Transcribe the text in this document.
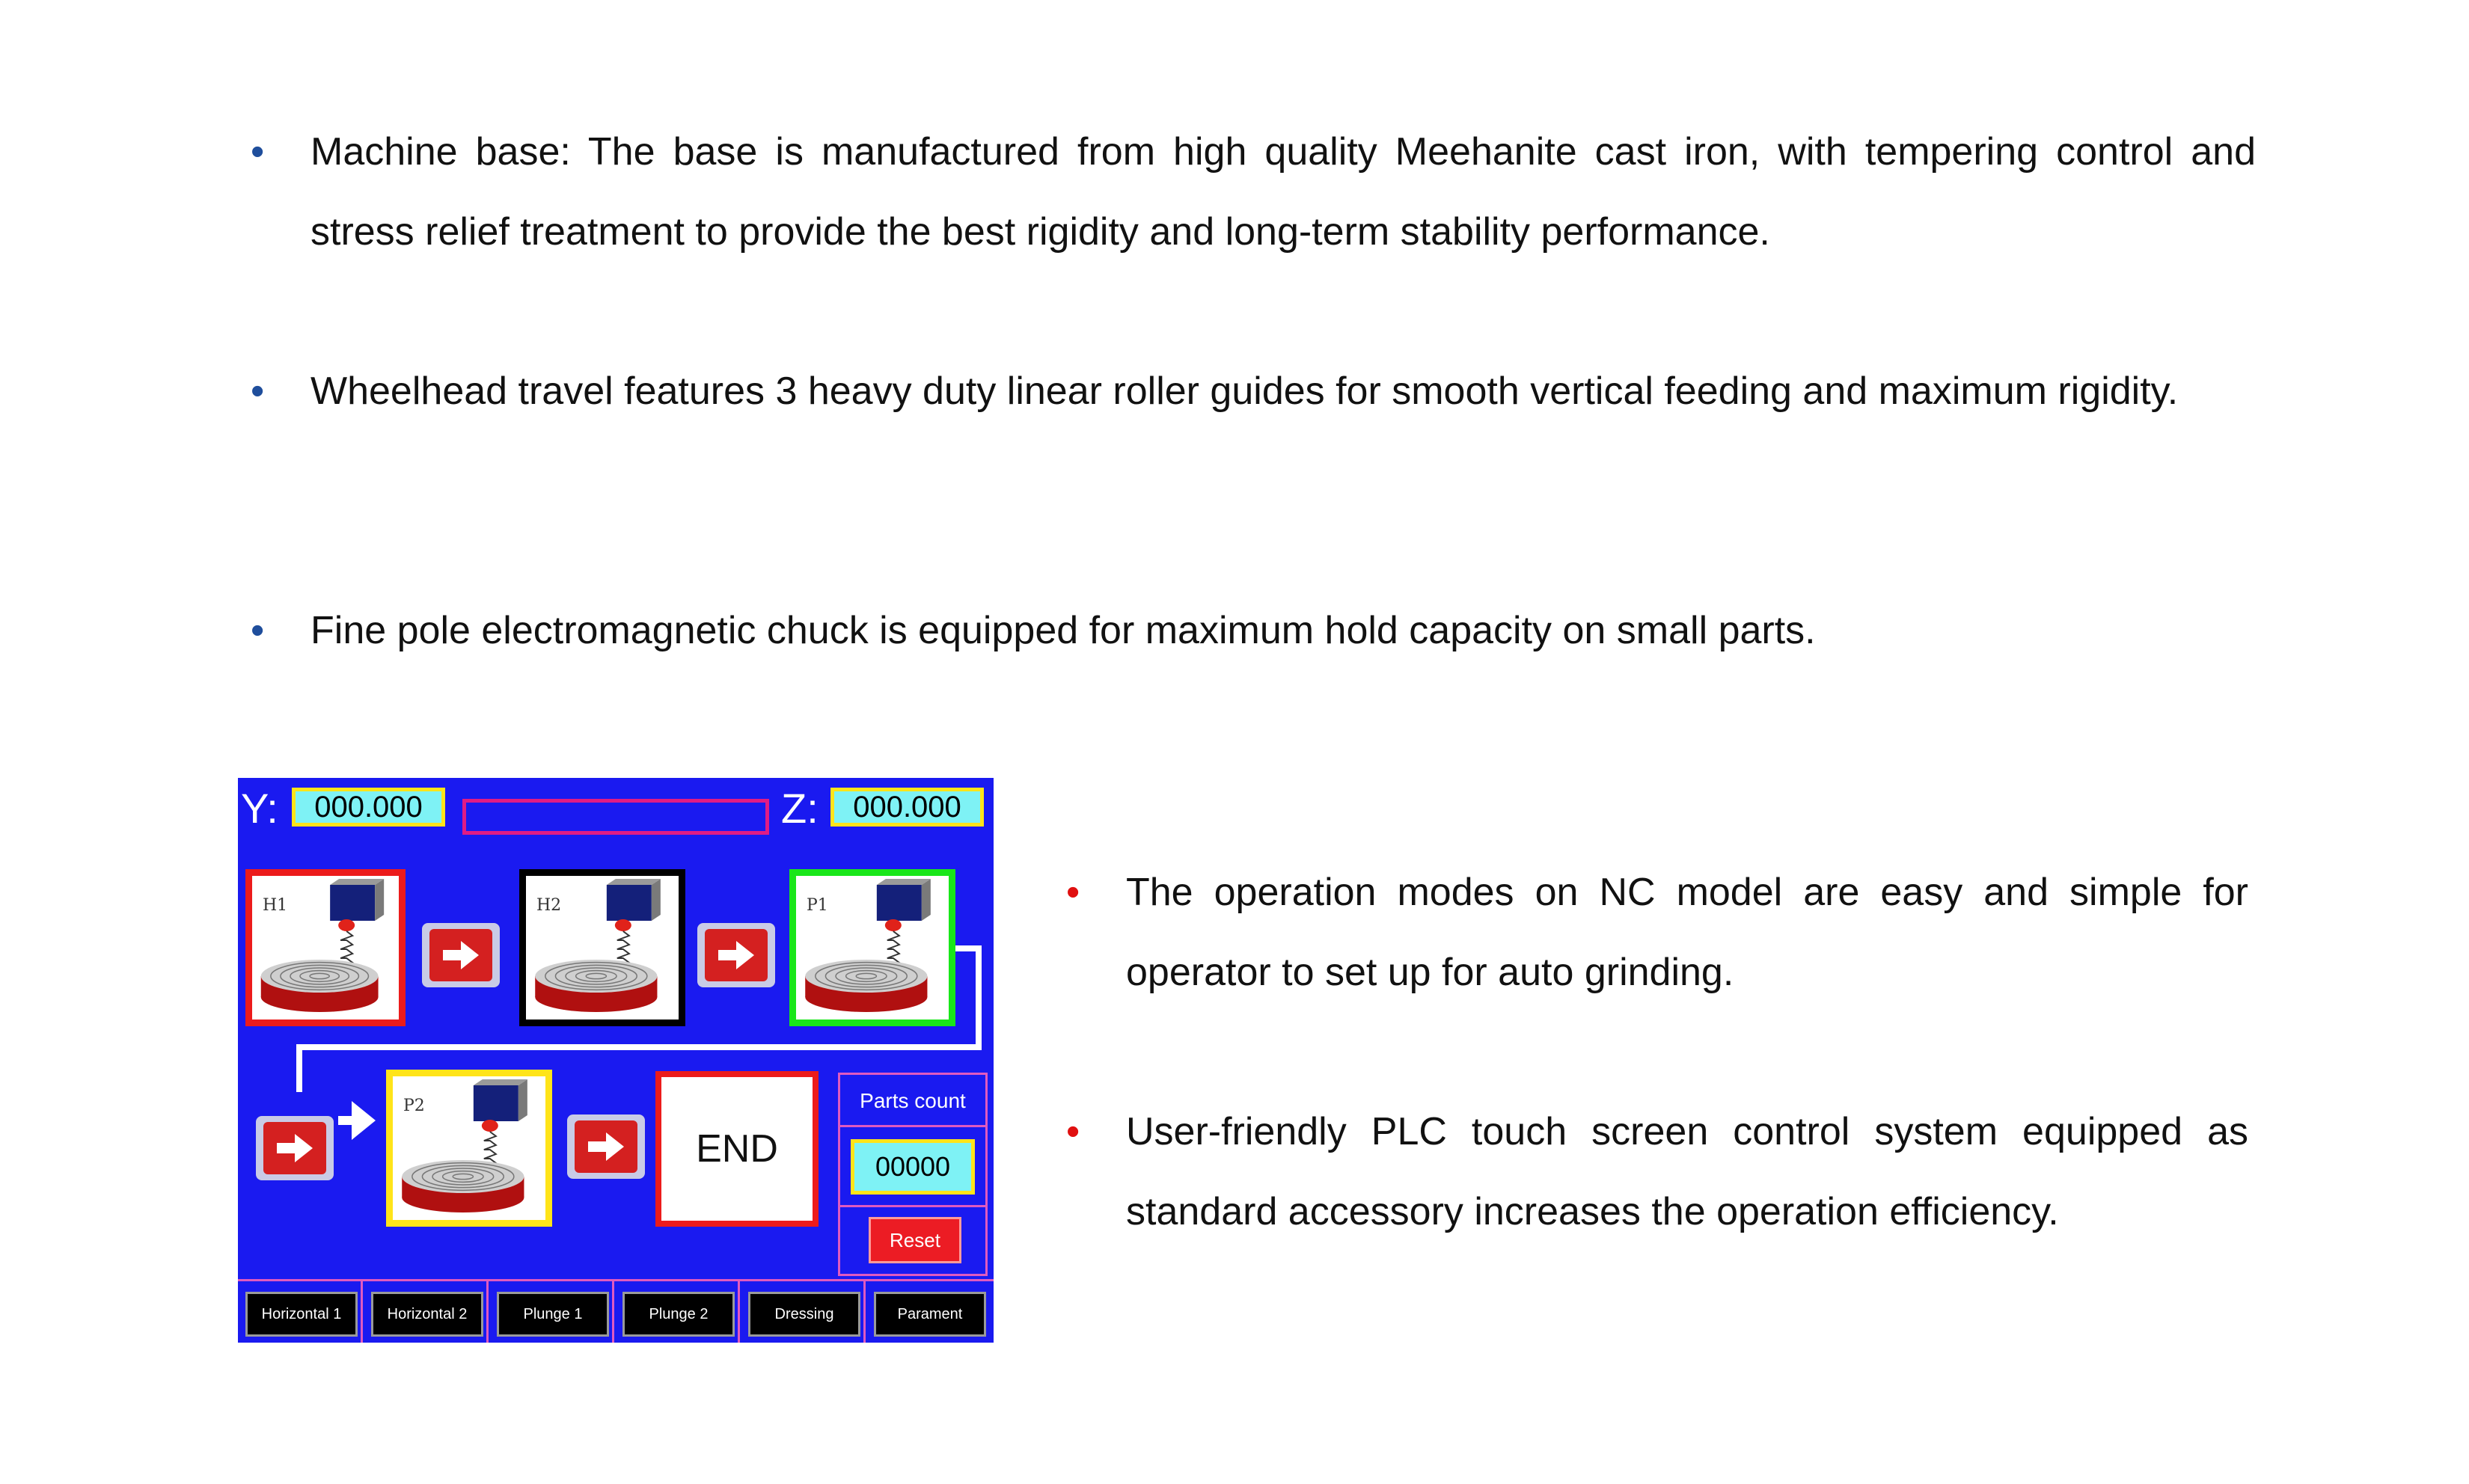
• Machine base: The base is manufactured from high quality Meehanite cast iron, with tempering control and stress relief treatment to provide the best rigidity and long-term stability performance.

• Wheelhead travel features 3 heavy duty linear roller guides for smooth vertical feeding and maximum rigidity.

• Fine pole electromagnetic chuck is equipped for maximum hold capacity on small parts.

• The operation modes on NC model are easy and simple for operator to set up for auto grinding.

• User-friendly PLC touch screen control system equipped as standard accessory increases the operation efficiency.

Y:	000.000	Z:	000.000
H1	H2	P1
P2
END
Parts count
00000
Reset
Horizontal 1	Horizontal 2	Plunge 1	Plunge 2	Dressing	Parament
